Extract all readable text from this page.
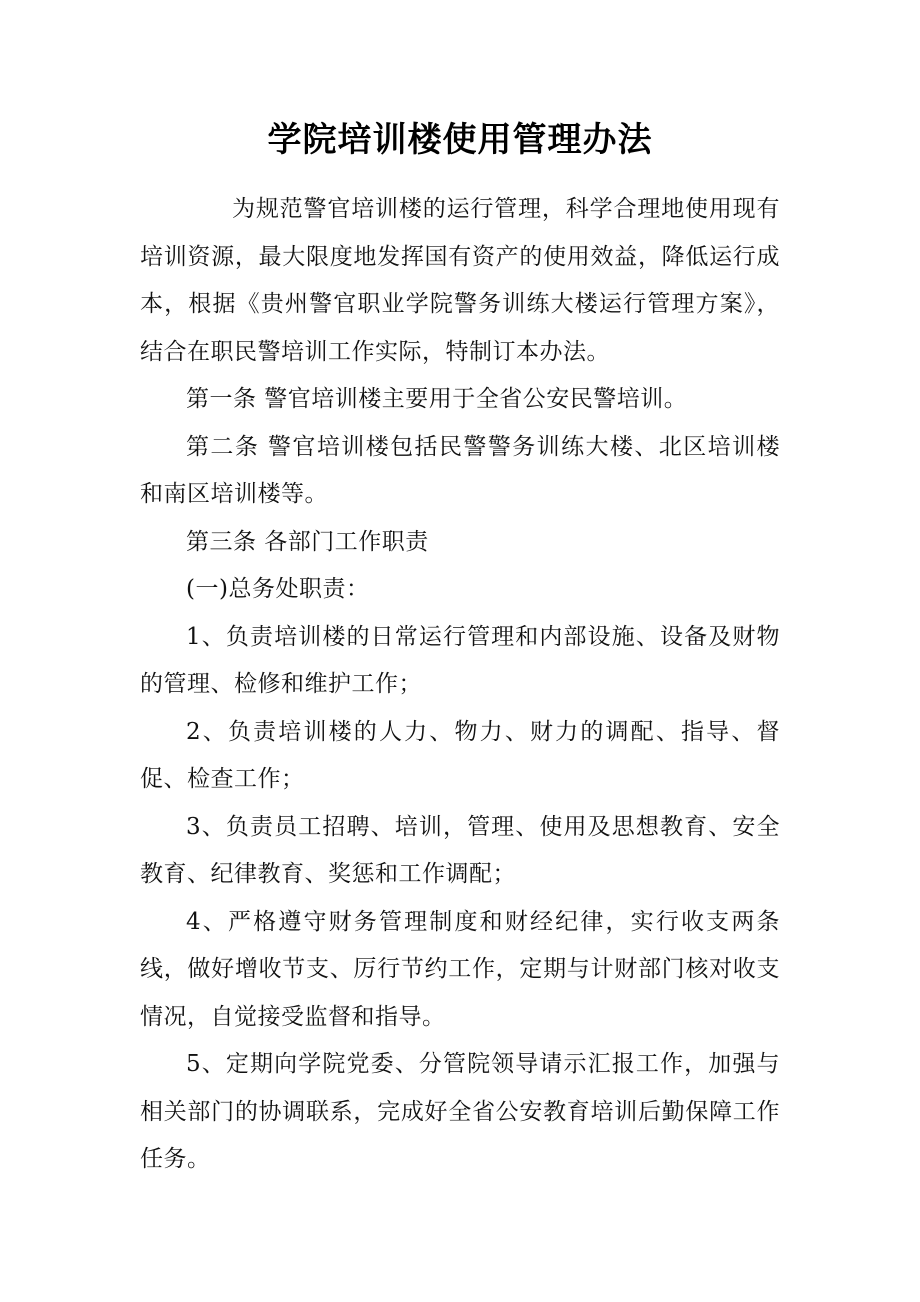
学院培训楼使用管理办法

为规范警官培训楼的运行管理，科学合理地使用现有培训资源，最大限度地发挥国有资产的使用效益，降低运行成本，根据《贵州警官职业学院警务训练大楼运行管理方案》，结合在职民警培训工作实际，特制订本办法。

第一条 警官培训楼主要用于全省公安民警培训。

第二条 警官培训楼包括民警警务训练大楼、北区培训楼和南区培训楼等。

第三条 各部门工作职责

(一)总务处职责：

1、负责培训楼的日常运行管理和内部设施、设备及财物的管理、检修和维护工作；

2、负责培训楼的人力、物力、财力的调配、指导、督促、检查工作；

3、负责员工招聘、培训，管理、使用及思想教育、安全教育、纪律教育、奖惩和工作调配；

4、严格遵守财务管理制度和财经纪律，实行收支两条线，做好增收节支、厉行节约工作，定期与计财部门核对收支情况，自觉接受监督和指导。

5、定期向学院党委、分管院领导请示汇报工作，加强与相关部门的协调联系，完成好全省公安教育培训后勤保障工作任务。
